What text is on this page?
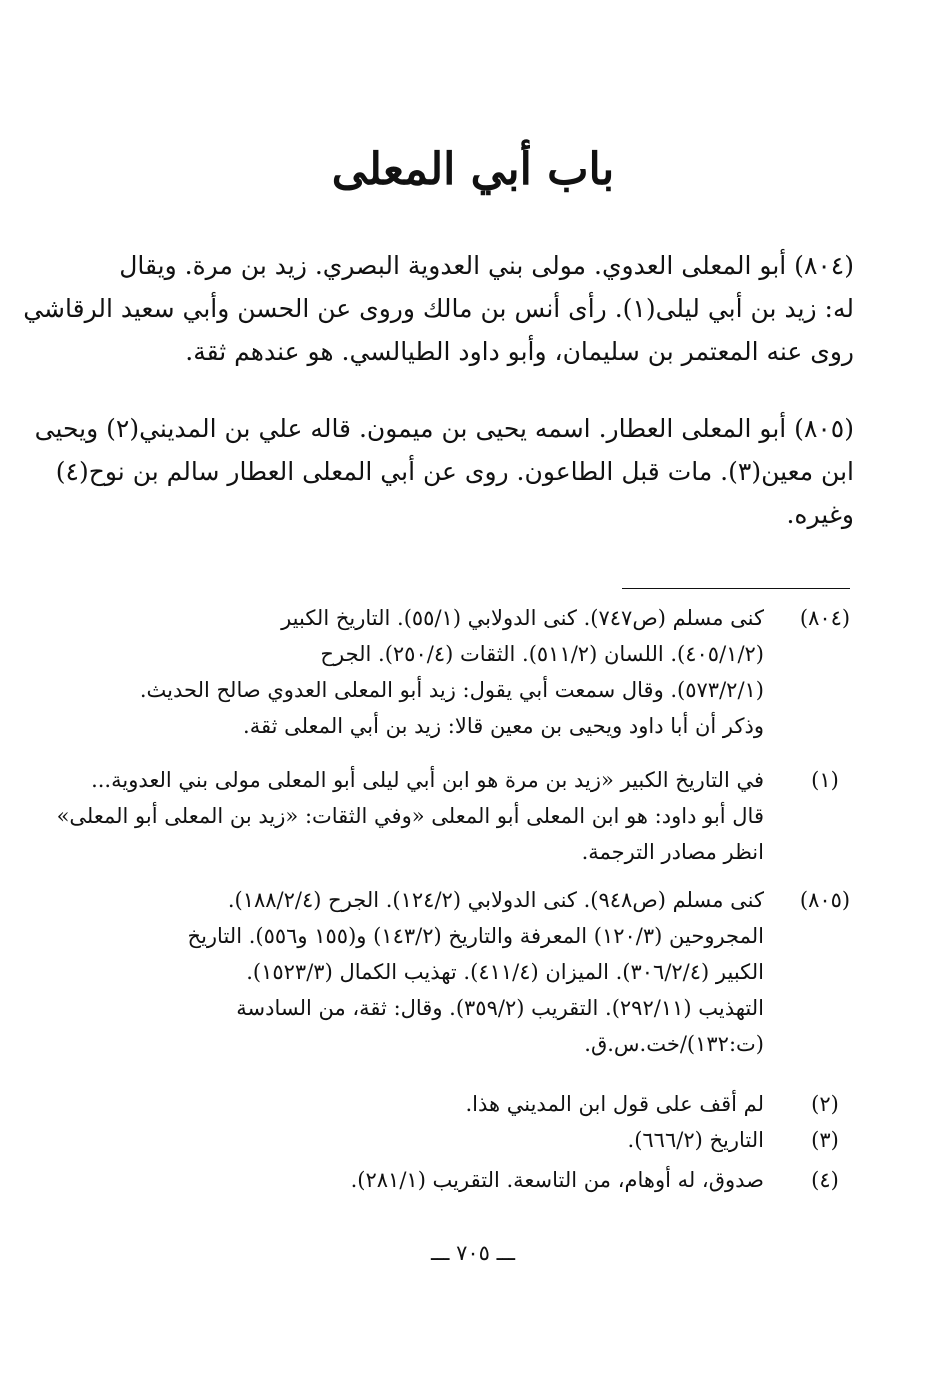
باب أبي المعلى
(٨٠٤) أبو المعلى العدوي. مولى بني العدوية البصري. زيد بن مرة. ويقال
له: زيد بن أبي ليلى(١). رأى أنس بن مالك وروى عن الحسن وأبي سعيد الرقاشي
روى عنه المعتمر بن سليمان، وأبو داود الطيالسي. هو عندهم ثقة.
(٨٠٥) أبو المعلى العطار. اسمه يحيى بن ميمون. قاله علي بن المديني(٢) ويحيى
ابن معين(٣). مات قبل الطاعون. روى عن أبي المعلى العطار سالم بن نوح(٤)
وغيره.
(٨٠٤)
كنى مسلم (ص٧٤٧). كنى الدولابي (٥٥/١). التاريخ الكبير
(٤٠٥/١/٢). اللسان (٥١١/٢). الثقات (٢٥٠/٤). الجرح
(٥٧٣/٢/١). وقال سمعت أبي يقول: زيد أبو المعلى العدوي صالح الحديث.
وذكر أن أبا داود ويحيى بن معين قالا: زيد بن أبي المعلى ثقة.
(١)
في التاريخ الكبير «زيد بن مرة هو ابن أبي ليلى أبو المعلى مولى بني العدوية...
قال أبو داود: هو ابن المعلى أبو المعلى «وفي الثقات: «زيد بن المعلى أبو المعلى»
انظر مصادر الترجمة.
(٨٠٥)
كنى مسلم (ص٩٤٨). كنى الدولابي (١٢٤/٢). الجرح (١٨٨/٢/٤).
المجروحين (١٢٠/٣) المعرفة والتاريخ (١٤٣/٢) و(١٥٥ و٥٥٦). التاريخ
الكبير (٣٠٦/٢/٤). الميزان (٤١١/٤). تهذيب الكمال (١٥٢٣/٣).
التهذيب (٢٩٢/١١). التقريب (٣٥٩/٢). وقال: ثقة، من السادسة
(ت:١٣٢)/خت.س.ق.
(٢)
لم أقف على قول ابن المديني هذا.
(٣)
التاريخ (٦٦٦/٢).
(٤)
صدوق، له أوهام، من التاسعة. التقريب (٢٨١/١).
ـــ ٧٠٥ ـــ
